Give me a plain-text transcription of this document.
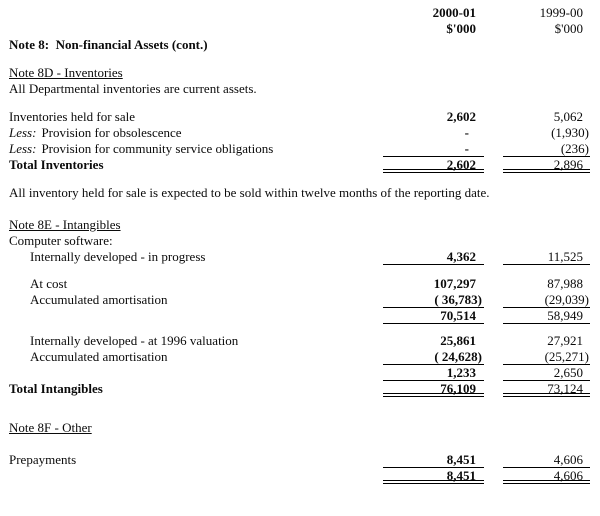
2000-01	1999-00
$'000	$'000
Note 8:  Non-financial Assets (cont.)
Note 8D - Inventories
All Departmental inventories are current assets.
Inventories held for sale	2,602	5,062
Less: Provision for obsolescence	-	(1,930)
Less: Provision for community service obligations	-	(236)
Total Inventories	2,602	2,896
All inventory held for sale is expected to be sold within twelve months of the reporting date.
Note 8E - Intangibles
Computer software:
Internally developed - in progress	4,362	11,525
At cost	107,297	87,988
Accumulated amortisation	( 36,783)	(29,039)
70,514	58,949
Internally developed - at 1996 valuation	25,861	27,921
Accumulated amortisation	( 24,628)	(25,271)
1,233	2,650
Total Intangibles	76,109	73,124
Note 8F - Other
Prepayments	8,451	4,606
8,451	4,606
